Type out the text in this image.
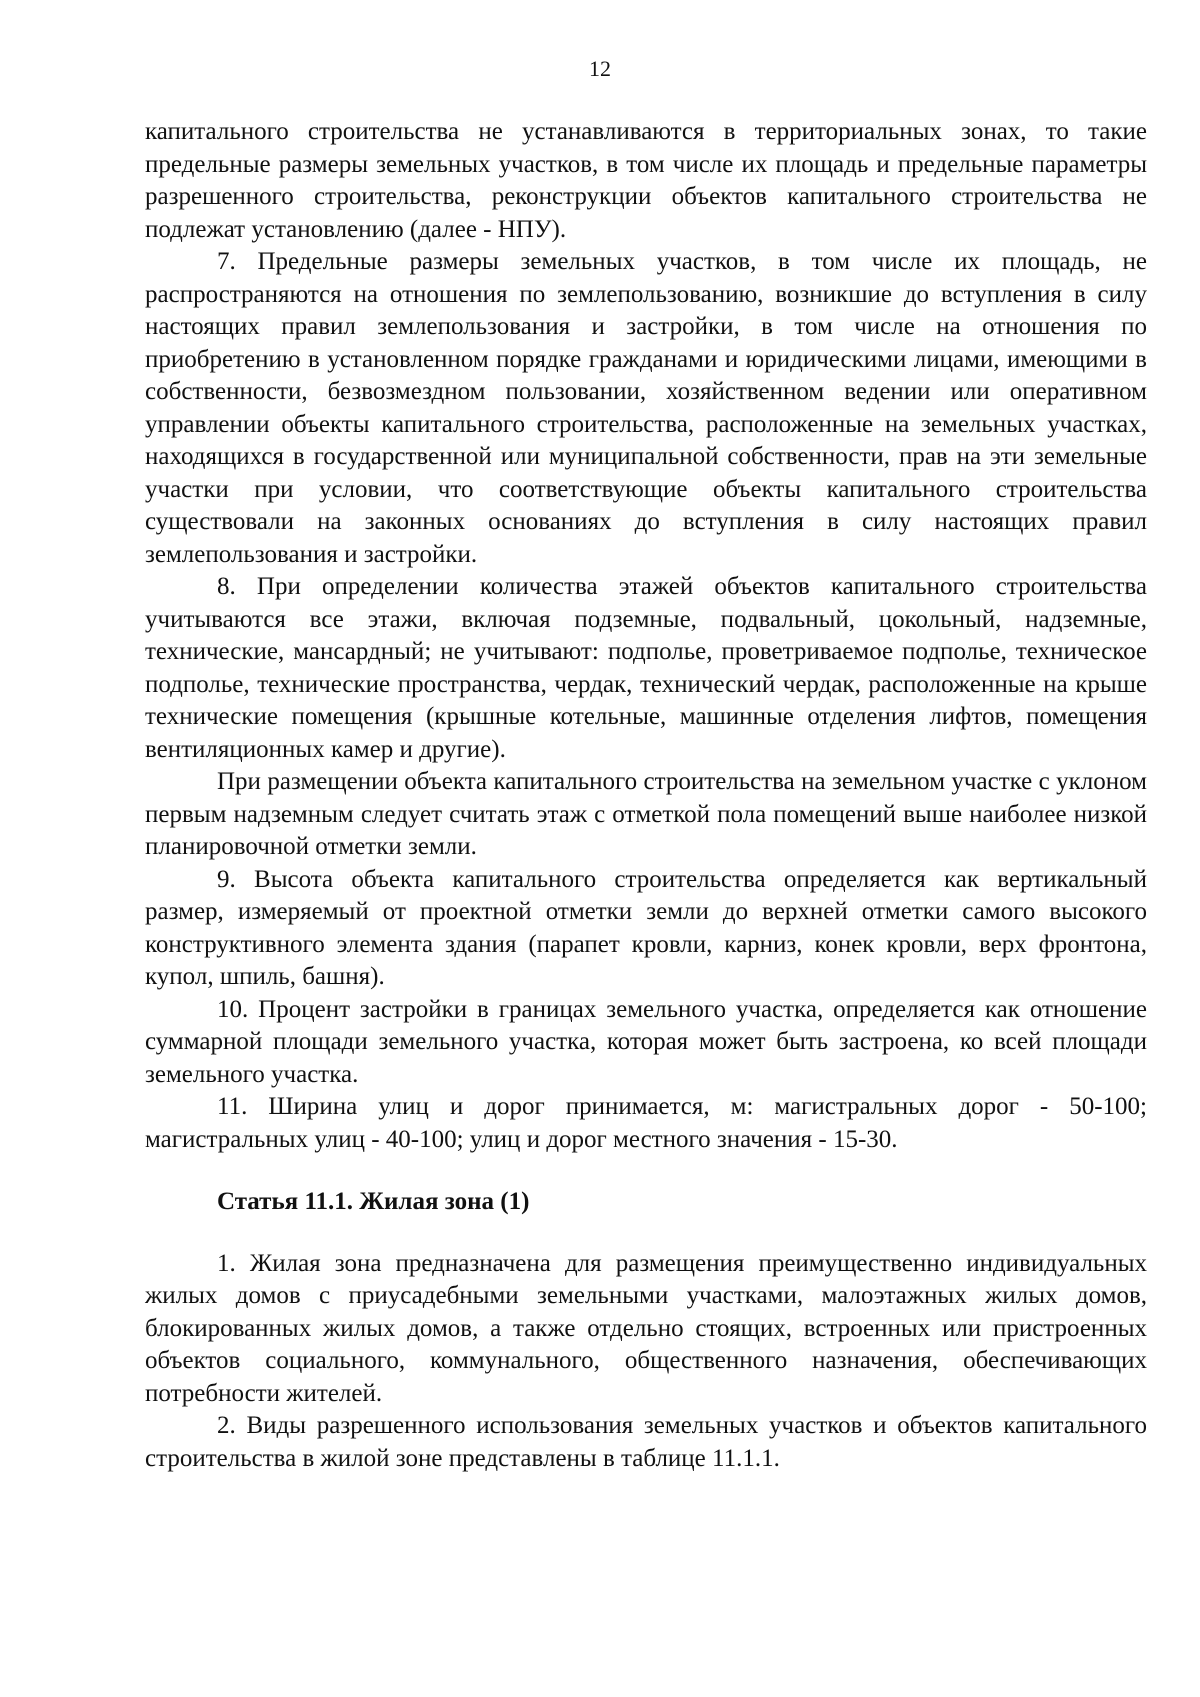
12

капитального строительства не устанавливаются в территориальных зонах, то такие предельные размеры земельных участков, в том числе их площадь и предельные параметры разрешенного строительства, реконструкции объектов капитального строительства не подлежат установлению (далее - НПУ).

7. Предельные размеры земельных участков, в том числе их площадь, не распространяются на отношения по землепользованию, возникшие до вступления в силу настоящих правил землепользования и застройки, в том числе на отношения по приобретению в установленном порядке гражданами и юридическими лицами, имеющими в собственности, безвозмездном пользовании, хозяйственном ведении или оперативном управлении объекты капитального строительства, расположенные на земельных участках, находящихся в государственной или муниципальной собственности, прав на эти земельные участки при условии, что соответствующие объекты капитального строительства существовали на законных основаниях до вступления в силу настоящих правил землепользования и застройки.

8. При определении количества этажей объектов капитального строительства учитываются все этажи, включая подземные, подвальный, цокольный, надземные, технические, мансардный; не учитывают: подполье, проветриваемое подполье, техническое подполье, технические пространства, чердак, технический чердак, расположенные на крыше технические помещения (крышные котельные, машинные отделения лифтов, помещения вентиляционных камер и другие).

При размещении объекта капитального строительства на земельном участке с уклоном первым надземным следует считать этаж с отметкой пола помещений выше наиболее низкой планировочной отметки земли.

9. Высота объекта капитального строительства определяется как вертикальный размер, измеряемый от проектной отметки земли до верхней отметки самого высокого конструктивного элемента здания (парапет кровли, карниз, конек кровли, верх фронтона, купол, шпиль, башня).

10. Процент застройки в границах земельного участка, определяется как отношение суммарной площади земельного участка, которая может быть застроена, ко всей площади земельного участка.

11. Ширина улиц и дорог принимается, м: магистральных дорог - 50-100; магистральных улиц - 40-100; улиц и дорог местного значения - 15-30.

Статья 11.1. Жилая зона (1)

1. Жилая зона предназначена для размещения преимущественно индивидуальных жилых домов с приусадебными земельными участками, малоэтажных жилых домов, блокированных жилых домов, а также отдельно стоящих, встроенных или пристроенных объектов социального, коммунального, общественного назначения, обеспечивающих потребности жителей.

2. Виды разрешенного использования земельных участков и объектов капитального строительства в жилой зоне представлены в таблице 11.1.1.
